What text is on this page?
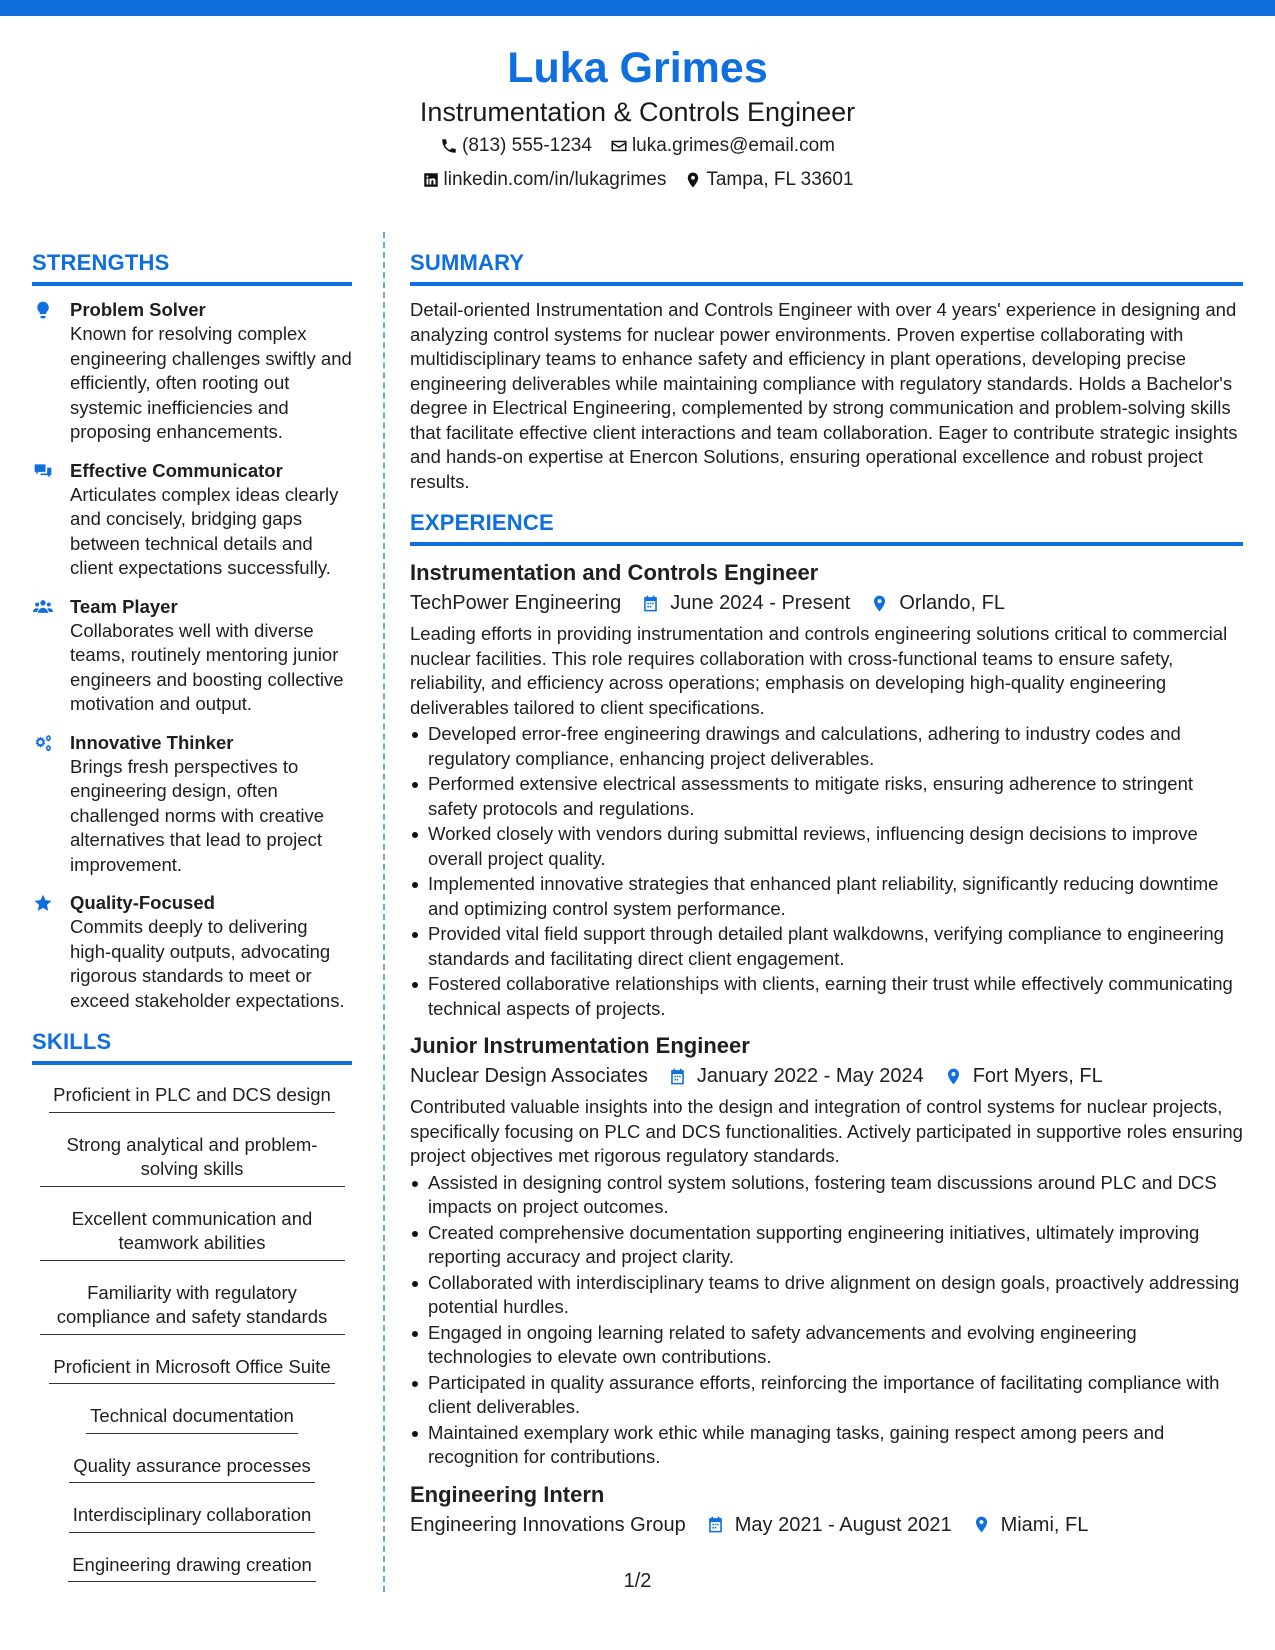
Luka Grimes
Instrumentation & Controls Engineer
(813) 555-1234 luka.grimes@email.com
linkedin.com/in/lukagrimes Tampa, FL 33601
STRENGTHS
Problem Solver
Known for resolving complex engineering challenges swiftly and efficiently, often rooting out systemic inefficiencies and proposing enhancements.
Effective Communicator
Articulates complex ideas clearly and concisely, bridging gaps between technical details and client expectations successfully.
Team Player
Collaborates well with diverse teams, routinely mentoring junior engineers and boosting collective motivation and output.
Innovative Thinker
Brings fresh perspectives to engineering design, often challenged norms with creative alternatives that lead to project improvement.
Quality-Focused
Commits deeply to delivering high-quality outputs, advocating rigorous standards to meet or exceed stakeholder expectations.
SKILLS
Proficient in PLC and DCS design
Strong analytical and problem-solving skills
Excellent communication and teamwork abilities
Familiarity with regulatory compliance and safety standards
Proficient in Microsoft Office Suite
Technical documentation
Quality assurance processes
Interdisciplinary collaboration
Engineering drawing creation
SUMMARY
Detail-oriented Instrumentation and Controls Engineer with over 4 years' experience in designing and analyzing control systems for nuclear power environments. Proven expertise collaborating with multidisciplinary teams to enhance safety and efficiency in plant operations, developing precise engineering deliverables while maintaining compliance with regulatory standards. Holds a Bachelor's degree in Electrical Engineering, complemented by strong communication and problem-solving skills that facilitate effective client interactions and team collaboration. Eager to contribute strategic insights and hands-on expertise at Enercon Solutions, ensuring operational excellence and robust project results.
EXPERIENCE
Instrumentation and Controls Engineer
TechPower Engineering June 2024 - Present Orlando, FL
Leading efforts in providing instrumentation and controls engineering solutions critical to commercial nuclear facilities. This role requires collaboration with cross-functional teams to ensure safety, reliability, and efficiency across operations; emphasis on developing high-quality engineering deliverables tailored to client specifications.
Developed error-free engineering drawings and calculations, adhering to industry codes and regulatory compliance, enhancing project deliverables.
Performed extensive electrical assessments to mitigate risks, ensuring adherence to stringent safety protocols and regulations.
Worked closely with vendors during submittal reviews, influencing design decisions to improve overall project quality.
Implemented innovative strategies that enhanced plant reliability, significantly reducing downtime and optimizing control system performance.
Provided vital field support through detailed plant walkdowns, verifying compliance to engineering standards and facilitating direct client engagement.
Fostered collaborative relationships with clients, earning their trust while effectively communicating technical aspects of projects.
Junior Instrumentation Engineer
Nuclear Design Associates January 2022 - May 2024 Fort Myers, FL
Contributed valuable insights into the design and integration of control systems for nuclear projects, specifically focusing on PLC and DCS functionalities. Actively participated in supportive roles ensuring project objectives met rigorous regulatory standards.
Assisted in designing control system solutions, fostering team discussions around PLC and DCS impacts on project outcomes.
Created comprehensive documentation supporting engineering initiatives, ultimately improving reporting accuracy and project clarity.
Collaborated with interdisciplinary teams to drive alignment on design goals, proactively addressing potential hurdles.
Engaged in ongoing learning related to safety advancements and evolving engineering technologies to elevate own contributions.
Participated in quality assurance efforts, reinforcing the importance of facilitating compliance with client deliverables.
Maintained exemplary work ethic while managing tasks, gaining respect among peers and recognition for contributions.
Engineering Intern
Engineering Innovations Group May 2021 - August 2021 Miami, FL
1/2
